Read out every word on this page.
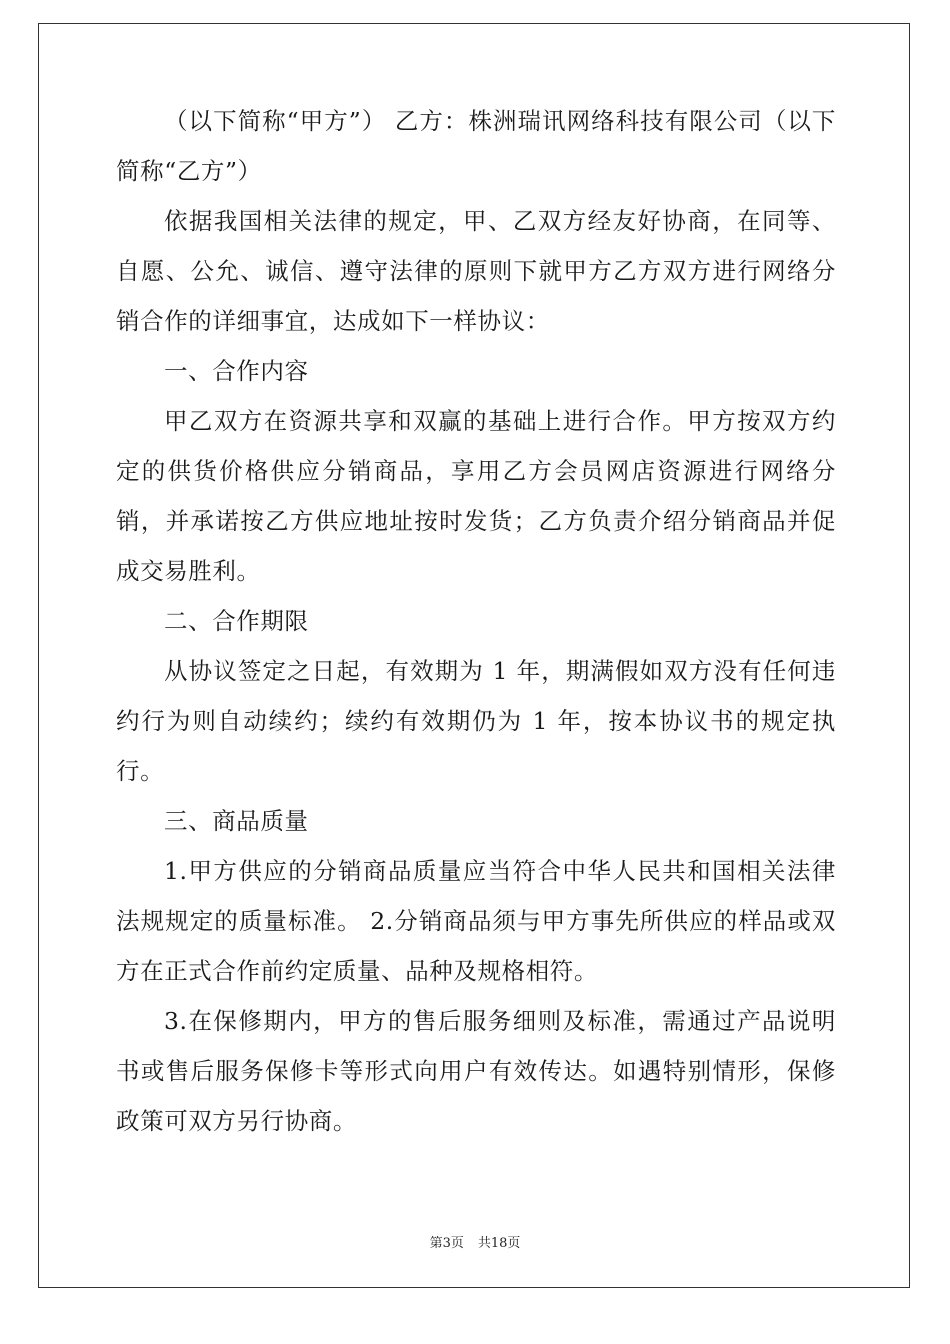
（以下简称“甲方”） 乙方：株洲瑞讯网络科技有限公司（以下简称“乙方”）

依据我国相关法律的规定，甲、乙双方经友好协商，在同等、自愿、公允、诚信、遵守法律的原则下就甲方乙方双方进行网络分销合作的详细事宜，达成如下一样协议：

一、合作内容

甲乙双方在资源共享和双赢的基础上进行合作。甲方按双方约定的供货价格供应分销商品，享用乙方会员网店资源进行网络分销，并承诺按乙方供应地址按时发货；乙方负责介绍分销商品并促成交易胜利。

二、合作期限

从协议签定之日起，有效期为 1 年，期满假如双方没有任何违约行为则自动续约；续约有效期仍为 1 年，按本协议书的规定执行。

三、商品质量

1.甲方供应的分销商品质量应当符合中华人民共和国相关法律法规规定的质量标准。 2.分销商品须与甲方事先所供应的样品或双方在正式合作前约定质量、品种及规格相符。

3.在保修期内，甲方的售后服务细则及标准，需通过产品说明书或售后服务保修卡等形式向用户有效传达。如遇特别情形，保修政策可双方另行协商。

第3页 共18页
